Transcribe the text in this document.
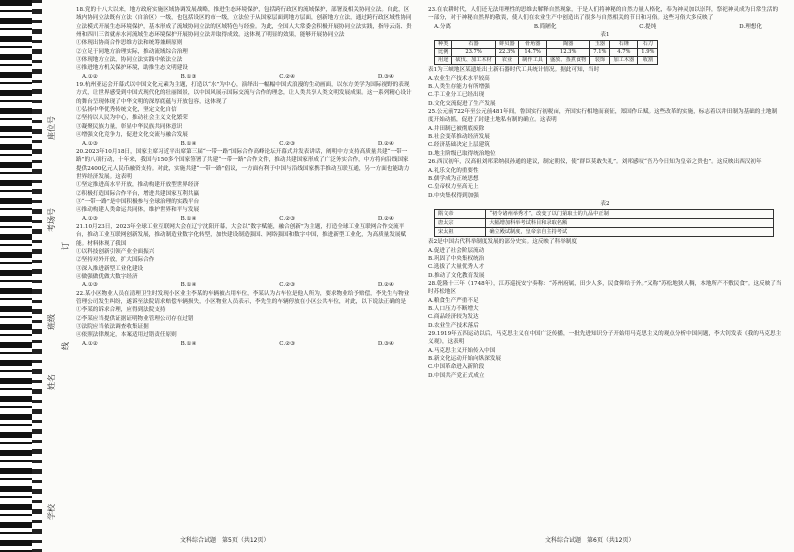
座位号
考场号
班级
姓名
学校
订
线

18.党的十八大以来，地方政府实施区域协调发展战略，推进生态环境保护，包括跨行政区的流域保护，部署及相关协同立法。自此，区域内协同立法既有立法（自治区）一级，也包括设区的市一级，立法位于从国家层面到地方层面，创新地方立法，通过跨行政区域性协同立法模式开展生态环境保护，基本形成了流域协同立法的区域特色与经验。为此，全国人大常委会积极开展协同立法实践，指导云南、贵州和四川三省就赤水河流域生态环境保护开展协同立法并取得成效。这体现了明显的效果，能够开展协同立法

①体现出协商合作思维方法和统筹兼顾原则

②立足于同地方治理实际，推动流域综合治理

③体现地方立法，协同立法实践中依法立法

④推进地方机关保护环境，助推生态文明建设

A.①②	B.①③	C.②④	D.③④

19.杭州亚运会开幕式以中国文化元素为主题，打造以“水”为中心，演绎出一幅幅中国式浪漫的生动画面，以东方美学为国际视野的表现方式，让世界感受到中国式现代化的壮丽图景，以中国风展示国际交流与合作的理念，让人类共享人类文明发展成果。这一系列精心设计的舞台呈现体现了中华文明的深厚底蕴与开放包容，这体现了

①弘扬中华优秀传统文化，坚定文化自信

②坚持以人民为中心，推动社会主义文化繁荣

③凝聚民族力量，彰显中华民族共同体意识

④增强文化竞争力，促进文化交流与融合发展

A.①③	B.①④	C.②③	D.②④

20.2023年10月18日，国家主席习近平出席第三届“一带一路”国际合作高峰论坛开幕式并发表讲话，阐明中方支持高质量共建“一带一路”的八项行动，十年来，我国与150多个国家签署了共建“一带一路”合作文件，推动共建国家形成了广泛务实合作，中方将向沿线国家提供2400亿元人民币融资支持。对此，实施共建“一带一路”倡议，一方面有利于中国与沿线国家携手推动互联互通，另一方面也能助力世界经济发展。这表明

①坚定推进高水平开放，推动构建开放型世界经济

②积极打造国际合作平台，增进共建国家互利共赢

③“一带一路”是中国积极参与全球治理的实践平台

④推动构建人类命运共同体，维护世界和平与发展

A.①③	B.①④	C.②③	D.②④

21.10月23日，2023年全球工业互联网大会在辽宁沈阳开幕，大会以“数字赋能，融合创新”为主题，打造全球工业互联网合作交流平台，推动工业互联网创新发展，推动制造业数字化转型，加快建设制造强国、网络强国和数字中国，推进新型工业化，为高质量发展赋能。材料体现了我国

①以科技创新引领产业全面振兴

②坚持对外开放，扩大国际合作

③深入推进新型工业化建设

④做强做优做大数字经济

A.①③	B.①④	C.②③	D.②④

22.某小区物业人员在清理卫生时发现小区业主李某的车辆被占用车位，李某认为占车位是他人所为，要求物业给予赔偿，李先生与物业管理公司发生纠纷，遂诉至法院请求赔偿车辆损失，小区物业人员表示，李先生的车辆停放在小区公共车位，对此，以下说法正确的是

①李某的诉求合理，应得到法院支持

②李某应当提供证据证明物业管理公司存在过错

③法院应当依法调查收集证据

④依照法律规定，本案适用过错责任原则

A.①②	B.①④	C.②③	D.③④
文科综合试题　第5页（共12页）

23.在农耕时代，人们还无法用理性的思维去解释自然现象，于是人们将神秘的自然力量人格化，奉为神灵加以崇拜，祭祀神灵成为日常生活的一部分，对于神秘自然界的敬畏，使人们在农业生产中创造出了很多与自然相关的节日和习俗。这些习俗大多反映了

A.分离	B.简陋化	C.提纯	D.理想化

表1

种类	石器	蚌贝器	骨角器	陶器	玉器	石锤	石刀
比例	23.7%	22.3%	14.7%	12.3%	7.1%	4.7%	1.9%
用途	砍伐、加工木材	农业	制作工具	盛放、蒸煮食物	装饰	加工木器	收割

表1为三峡地区某遗址出土新石器时代工具统计情况。据此可知，当时

A.农业生产技术水平较高

B.人类生存能力有所增强

C.手工业分工已经出现

D.文化交流促进了生产发展

25.公元前722年至公元前481年间，鲁国实行初税亩，齐国实行相地而衰征，郑国作丘赋。这些改革的实施，标志着以井田制为基础的土地制度开始动摇，促进了封建土地私有制的确立。这表明

A.井田制已被彻底废除

B.社会变革推动经济发展

C.经济基础决定上层建筑

D.地主阶级已取得统治地位

26.西汉初年，汉高祖刘邦采纳叔孙通的建议，制定朝仪，使“群臣莫敢失礼”。刘邦感叹“吾乃今日知为皇帝之贵也”。这反映出西汉初年

A.礼乐文化的重要性

B.儒学成为正统思想

C.皇帝权力至高无上

D.中央集权得到加强

表2

隋文帝	“初令诸州举秀才”，改变了以门第取士的九品中正制
唐太宗	大幅增加科举考试科目和录取名额
宋太祖	确立殿试制度，皇帝亲自主持考试

表2是中国古代科举制度发展的部分史实。这反映了科举制度

A.促进了社会阶层流动

B.巩固了中央集权统治

C.选拔了大量优秀人才

D.推动了文化教育发展

28.乾隆十三年（1748年），江苏巡抚安宁奏称：“苏州府属，田少人多，民食仰给于外。”又称“苏松地狭人稠，本地所产不敷民食”。这反映了当时苏松地区

A.粮食生产严重不足

B.人口压力不断增大

C.商品经济较为发达

D.农业生产技术落后

29.1919年五四运动以后，马克思主义在中国广泛传播，一批先进知识分子开始用马克思主义的观点分析中国问题，李大钊发表《我的马克思主义观》，这表明

A.马克思主义开始传入中国

B.新文化运动开始向纵深发展

C.中国革命进入新阶段

D.中国共产党正式成立

文科综合试题　第6页（共12页）
